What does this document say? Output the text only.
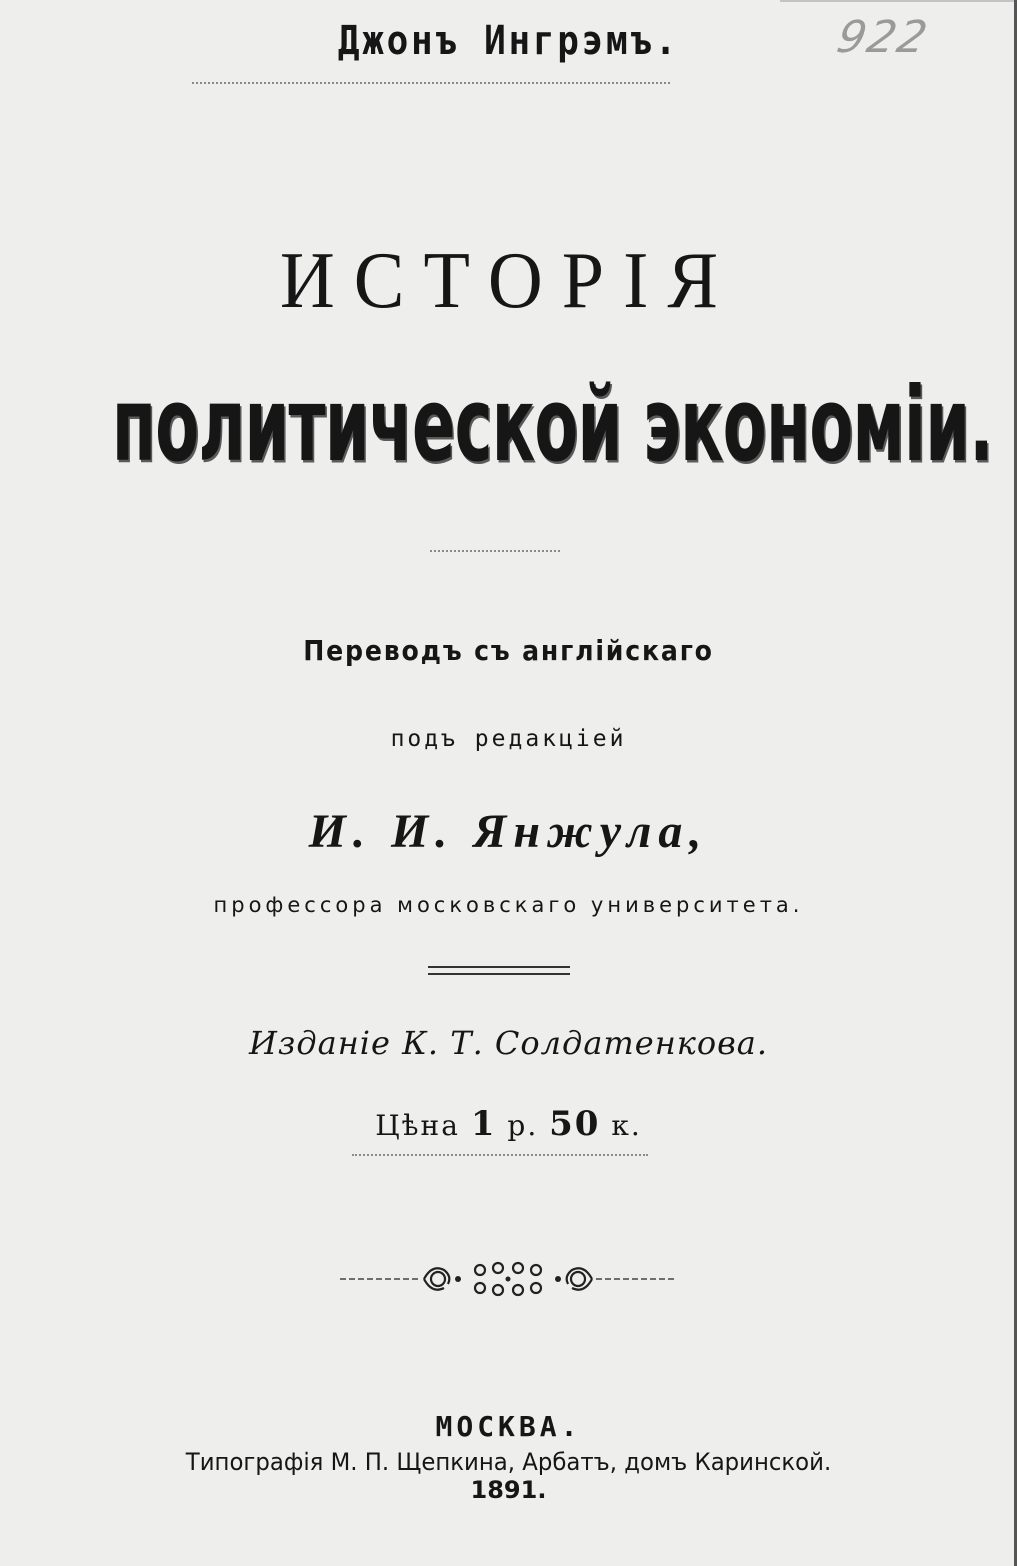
922
Джонъ Ингрэмъ.
ИСТОРІЯ
политической экономіи.
Переводъ съ англійскаго
подъ редакціей
И. И. Янжула,
профессора московскаго университета.
Изданіе К. Т. Солдатенкова.
Цѣна 1 р. 50 к.
МОСКВА.
Типографія М. П. Щепкина, Арбатъ, домъ Каринской.
1891.
